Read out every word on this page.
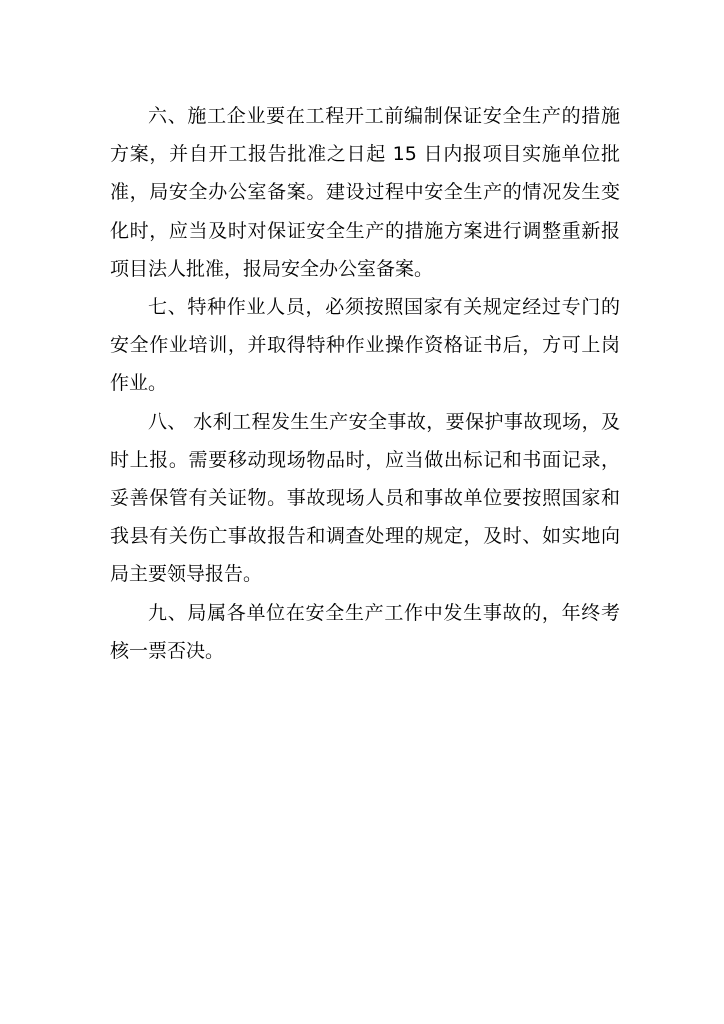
六、施工企业要在工程开工前编制保证安全生产的措施方案，并自开工报告批准之日起 15 日内报项目实施单位批准，局安全办公室备案。建设过程中安全生产的情况发生变化时，应当及时对保证安全生产的措施方案进行调整重新报项目法人批准，报局安全办公室备案。

七、特种作业人员，必须按照国家有关规定经过专门的安全作业培训，并取得特种作业操作资格证书后，方可上岗作业。

八、 水利工程发生生产安全事故，要保护事故现场，及时上报。需要移动现场物品时，应当做出标记和书面记录，妥善保管有关证物。事故现场人员和事故单位要按照国家和我县有关伤亡事故报告和调查处理的规定，及时、如实地向局主要领导报告。

九、局属各单位在安全生产工作中发生事故的，年终考核一票否决。
